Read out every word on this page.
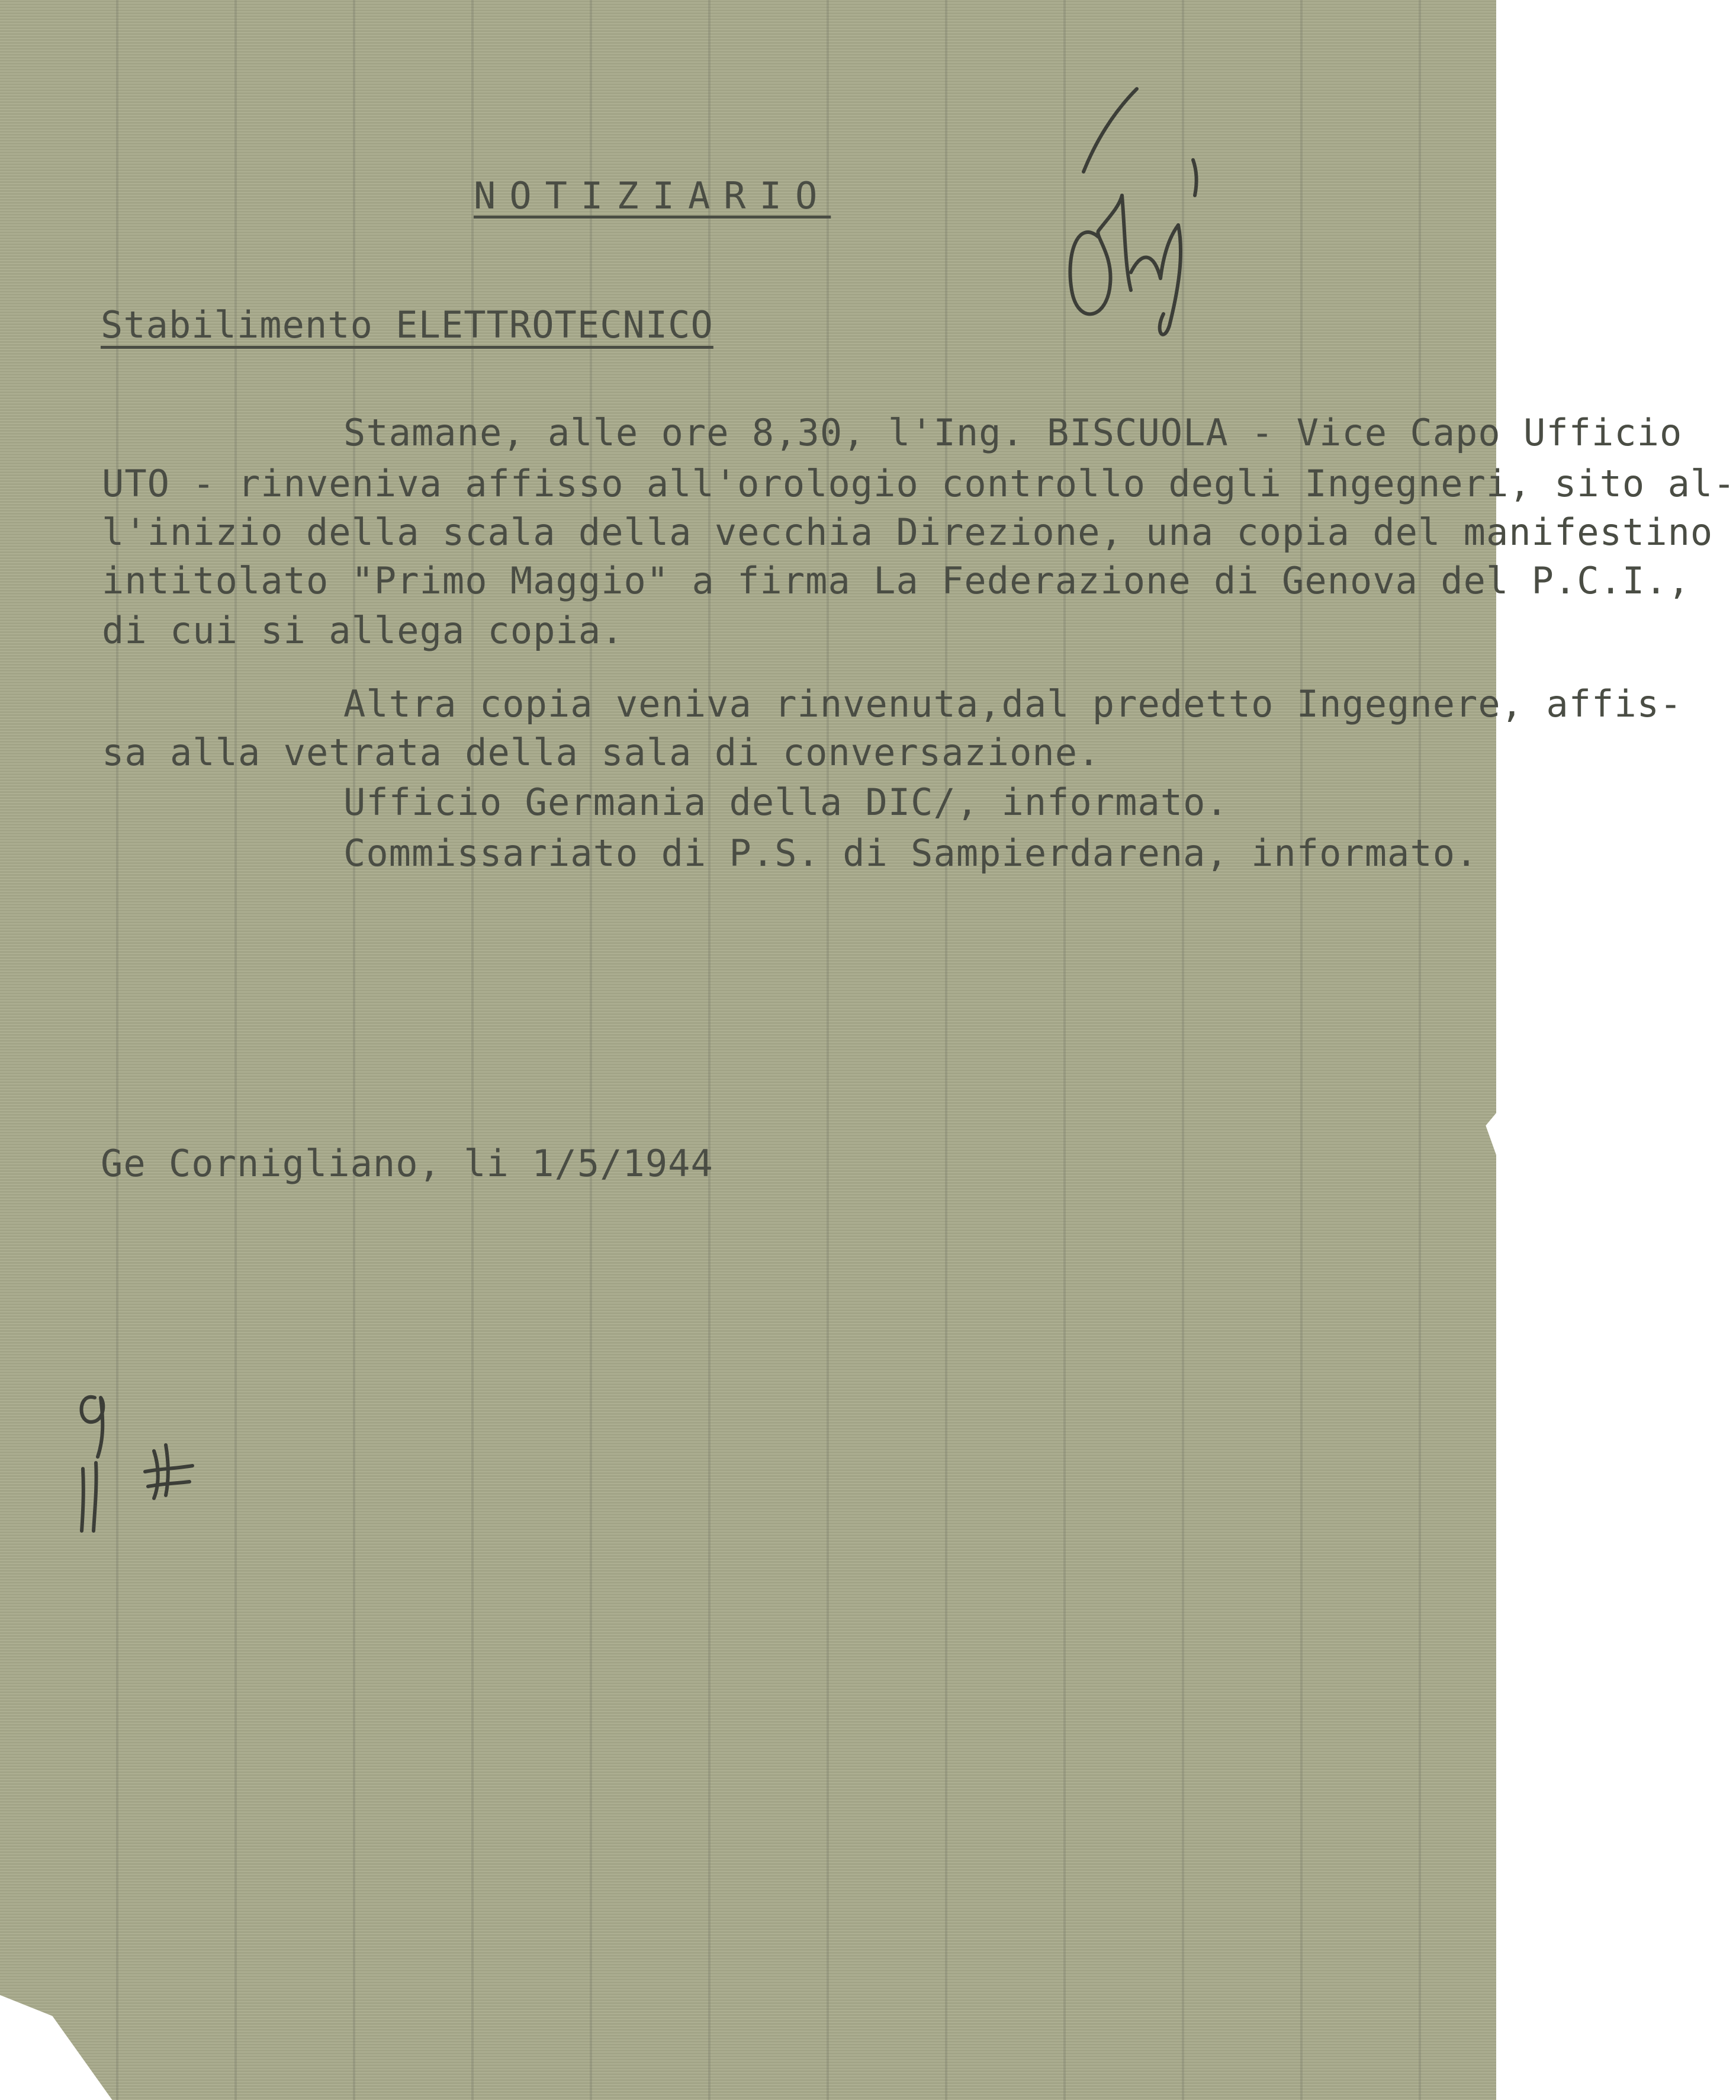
NOTIZIARIO
Stabilimento ELETTROTECNICO
Stamane, alle ore 8,30, l'Ing. BISCUOLA - Vice Capo Ufficio
UTO - rinveniva affisso all'orologio controllo degli Ingegneri, sito al-
l'inizio della scala della vecchia Direzione, una copia del manifestino
intitolato "Primo Maggio" a firma La Federazione di Genova del P.C.I.,
di cui si allega copia.
Altra copia veniva rinvenuta,dal predetto Ingegnere, affis-
sa alla vetrata della sala di conversazione.
Ufficio Germania della DIC/, informato.
Commissariato di P.S. di Sampierdarena, informato.
Ge Cornigliano, li 1/5/1944
